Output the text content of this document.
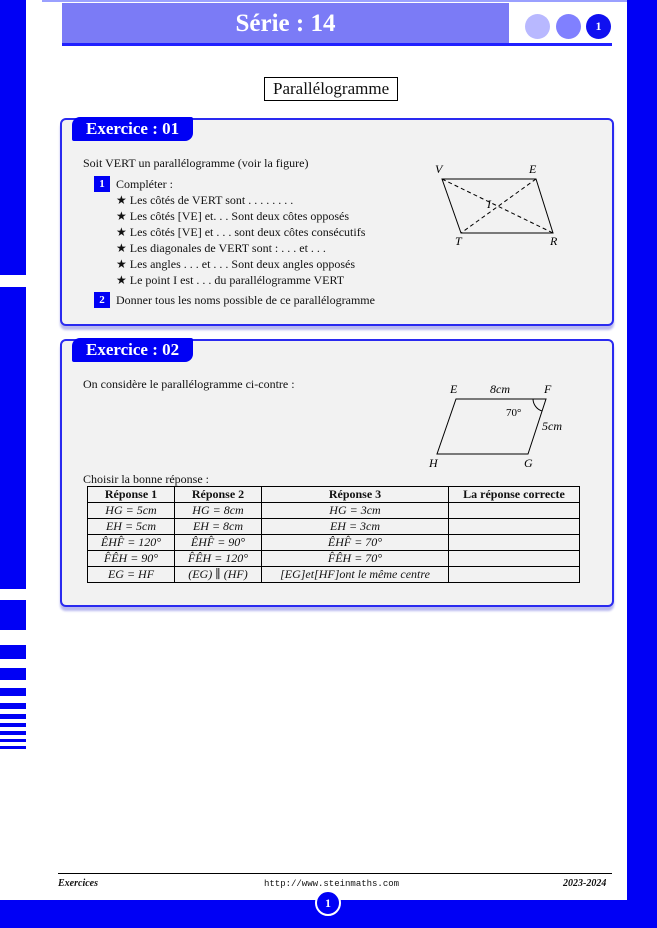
Série : 14	1
Parallélogramme
Exercice : 01
Soit VERT un parallélogramme (voir la figure)
1 Compléter :
★ Les côtés de VERT sont . . . . . . . .
★ Les côtés [VE] et. . . Sont deux côtes opposés
★ Les côtés [VE] et . . . sont deux côtes consécutifs
★ Les diagonales de VERT sont : . . . et . . .
★ Les angles . . . et . . . Sont deux angles opposés
★ Le point I est . . . du parallélogramme VERT
2 Donner tous les noms possible de ce parallélogramme
V	E
T	R
I
Exercice : 02
On considère le parallélogramme ci-contre :	E	F
H	G
8cm
5cm
70°
Choisir la bonne réponse :
Réponse 1	Réponse 2	Réponse 3	La réponse correcte
HG = 5cm	HG = 8cm	HG = 3cm	
EH = 5cm	EH = 8cm	EH = 3cm	
ÊHF̂ = 120°	ÊHF̂ = 90°	ÊHF̂ = 70°	
F̂ÊH = 90°	F̂ÊH = 120°	F̂ÊH = 70°	
EG = HF	(EG) ∥ (HF)	[EG]et[HF]ont le même centre	
Exercices	http://www.steinmaths.com	2023-2024
1
